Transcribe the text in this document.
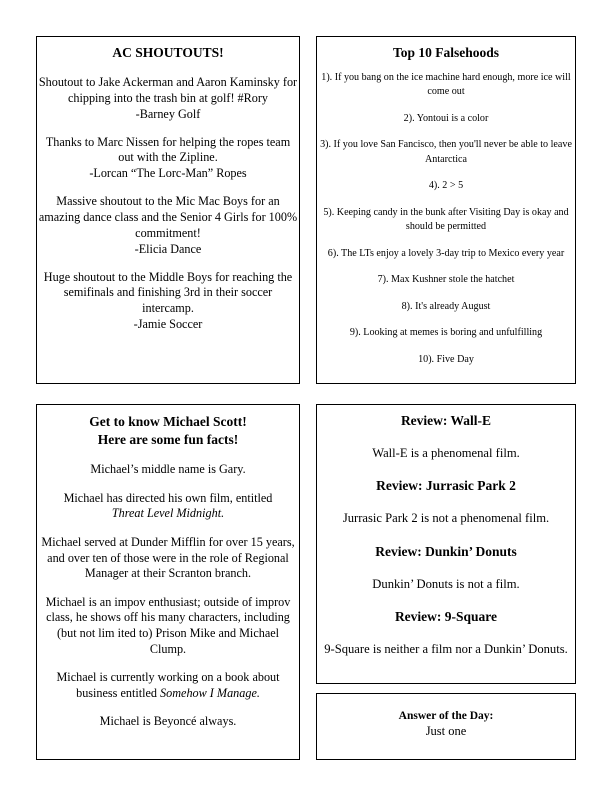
AC SHOUTOUTS!

Shoutout to Jake Ackerman and Aaron Kaminsky for chipping into the trash bin at golf! #Rory

-Barney Golf

Thanks to Marc Nissen for helping the ropes team out with the Zipline.

-Lorcan “The Lorc-Man” Ropes

Massive shoutout to the Mic Mac Boys for an amazing dance class and the Senior 4 Girls for 100% commitment!

-Elicia Dance

Huge shoutout to the Middle Boys for reaching the semifinals and finishing 3rd in their soccer intercamp.

-Jamie Soccer

Top 10 Falsehoods

1). If you bang on the ice machine hard enough, more ice will come out

2). Yontoui is a color

3). If you love San Fancisco, then you'll never be able to leave Antarctica

4). 2 > 5

5). Keeping candy in the bunk after Visiting Day is okay and should be permitted

6). The LTs enjoy a lovely 3-day trip to Mexico every year

7). Max Kushner stole the hatchet

8). It's already August

9). Looking at memes is boring and unfulfilling

10). Five Day

Get to know Michael Scott!
Here are some fun facts!

Michael’s middle name is Gary.

Michael has directed his own film, entitled
Threat Level Midnight.

Michael served at Dunder Mifflin for over 15 years, and over ten of those were in the role of Regional Manager at their Scranton branch.

Michael is an impov enthusiast; outside of improv class, he shows off his many characters, including (but not lim ited to) Prison Mike and Michael Clump.

Michael is currently working on a book about business entitled Somehow I Manage.

Michael is Beyoncé always.

Review: Wall-E

Wall-E is a phenomenal film.

Review: Jurrasic Park 2

Jurrasic Park 2 is not a phenomenal film.

Review: Dunkin’ Donuts

Dunkin’ Donuts is not a film.

Review: 9-Square

9-Square is neither a film nor a Dunkin’ Donuts.

Answer of the Day:

Just one
